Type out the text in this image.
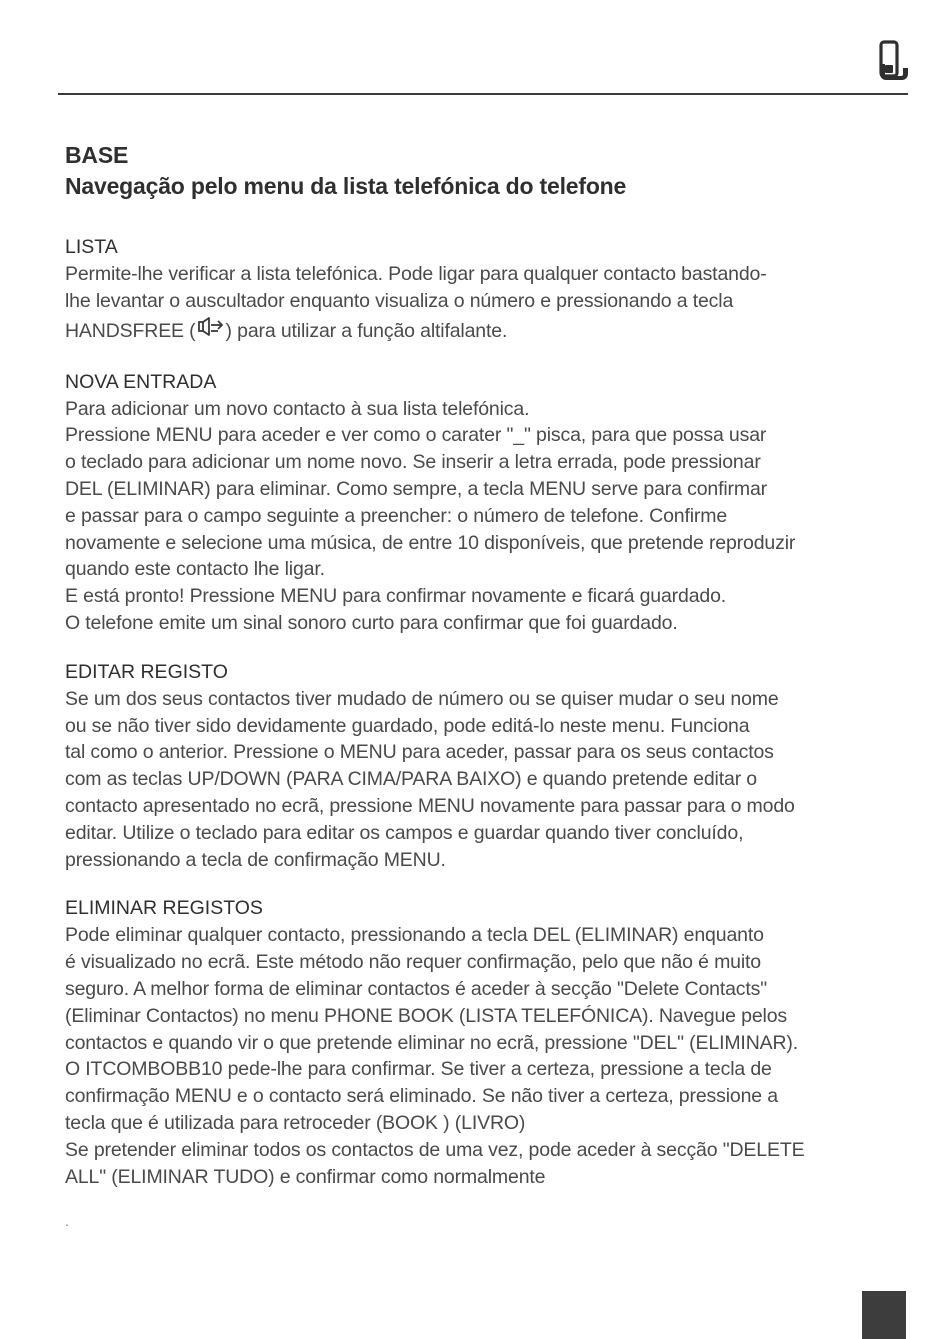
BASE
Navegação pelo menu da lista telefónica do telefone
LISTA
Permite-lhe verificar a lista telefónica. Pode ligar para qualquer contacto bastando-
lhe levantar o auscultador enquanto visualiza o número e pressionando a tecla
HANDSFREE ( ) para utilizar a função altifalante.
NOVA ENTRADA
Para adicionar um novo contacto à sua lista telefónica.
Pressione MENU para aceder e ver como o carater "_" pisca, para que possa usar
o teclado para adicionar um nome novo. Se inserir a letra errada, pode pressionar
DEL (ELIMINAR) para eliminar. Como sempre, a tecla MENU serve para confirmar
e passar para o campo seguinte a preencher: o número de telefone. Confirme
novamente e selecione uma música, de entre 10 disponíveis, que pretende reproduzir
quando este contacto lhe ligar.
E está pronto! Pressione MENU para confirmar novamente e ficará guardado.
O telefone emite um sinal sonoro curto para confirmar que foi guardado.
EDITAR REGISTO
Se um dos seus contactos tiver mudado de número ou se quiser mudar o seu nome
ou se não tiver sido devidamente guardado, pode editá-lo neste menu. Funciona
tal como o anterior. Pressione o MENU para aceder, passar para os seus contactos
com as teclas UP/DOWN (PARA CIMA/PARA BAIXO) e quando pretende editar o
contacto apresentado no ecrã, pressione MENU novamente para passar para o modo
editar. Utilize o teclado para editar os campos e guardar quando tiver concluído,
pressionando a tecla de confirmação MENU.
ELIMINAR REGISTOS
Pode eliminar qualquer contacto, pressionando a tecla DEL (ELIMINAR) enquanto
é visualizado no ecrã. Este método não requer confirmação, pelo que não é muito
seguro. A melhor forma de eliminar contactos é aceder à secção "Delete Contacts"
(Eliminar Contactos) no menu PHONE BOOK (LISTA TELEFÓNICA). Navegue pelos
contactos e quando vir o que pretende eliminar no ecrã, pressione "DEL" (ELIMINAR).
O ITCOMBOBB10 pede-lhe para confirmar. Se tiver a certeza, pressione a tecla de
confirmação MENU e o contacto será eliminado. Se não tiver a certeza, pressione a
tecla que é utilizada para retroceder (BOOK ) (LIVRO)
Se pretender eliminar todos os contactos de uma vez, pode aceder à secção "DELETE
ALL" (ELIMINAR TUDO) e confirmar como normalmente
.
